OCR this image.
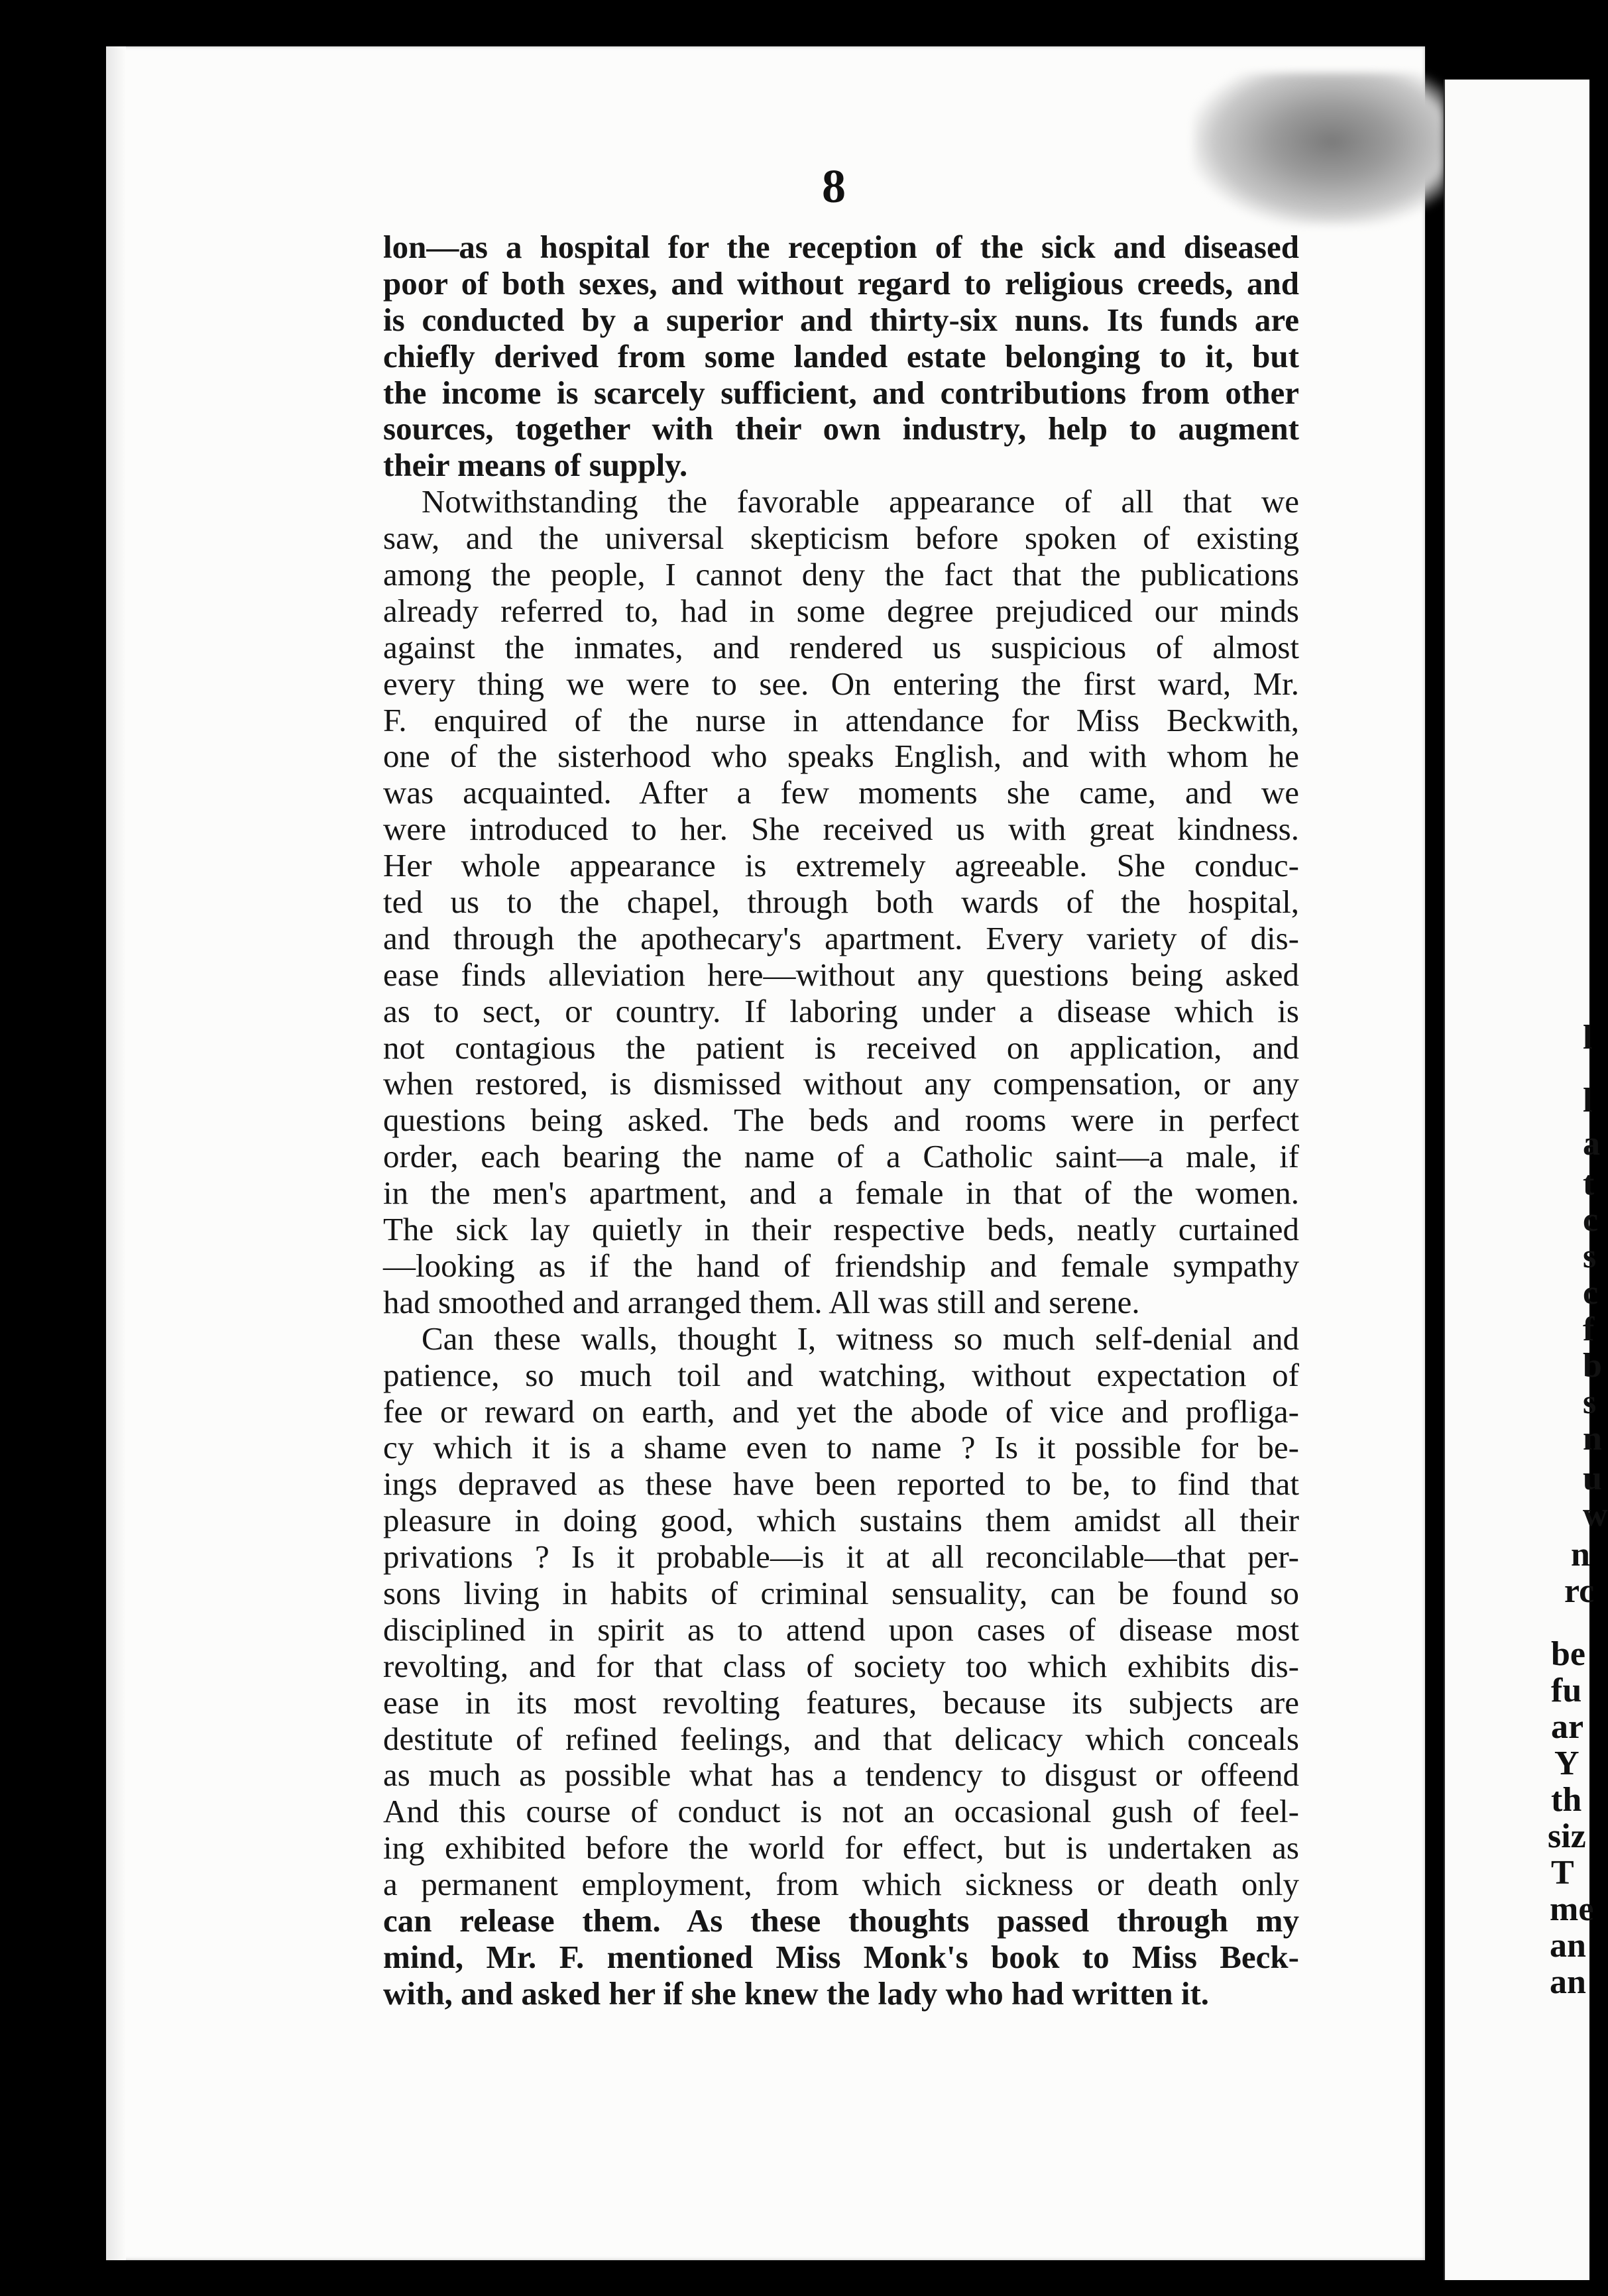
8
lon—as a hospital for the reception of the sick and diseased
poor of both sexes, and without regard to religious creeds, and
is conducted by a superior and thirty-six nuns. Its funds are
chiefly derived from some landed estate belonging to it, but
the income is scarcely sufficient, and contributions from other
sources, together with their own industry, help to augment
their means of supply.
Notwithstanding the favorable appearance of all that we
saw, and the universal skepticism before spoken of existing
among the people, I cannot deny the fact that the publications
already referred to, had in some degree prejudiced our minds
against the inmates, and rendered us suspicious of almost
every thing we were to see. On entering the first ward, Mr.
F. enquired of the nurse in attendance for Miss Beckwith,
one of the sisterhood who speaks English, and with whom he
was acquainted. After a few moments she came, and we
were introduced to her. She received us with great kindness.
Her whole appearance is extremely agreeable. She conduc-
ted us to the chapel, through both wards of the hospital,
and through the apothecary's apartment. Every variety of dis-
ease finds alleviation here—without any questions being asked
as to sect, or country. If laboring under a disease which is
not contagious the patient is received on application, and
when restored, is dismissed without any compensation, or any
questions being asked. The beds and rooms were in perfect
order, each bearing the name of a Catholic saint—a male, if
in the men's apartment, and a female in that of the women.
The sick lay quietly in their respective beds, neatly curtained
—looking as if the hand of friendship and female sympathy
had smoothed and arranged them. All was still and serene.
Can these walls, thought I, witness so much self-denial and
patience, so much toil and watching, without expectation of
fee or reward on earth, and yet the abode of vice and profliga-
cy which it is a shame even to name ? Is it possible for be-
ings depraved as these have been reported to be, to find that
pleasure in doing good, which sustains them amidst all their
privations ? Is it probable—is it at all reconcilable—that per-
sons living in habits of criminal sensuality, can be found so
disciplined in spirit as to attend upon cases of disease most
revolting, and for that class of society too which exhibits dis-
ease in its most revolting features, because its subjects are
destitute of refined feelings, and that delicacy which conceals
as much as possible what has a tendency to disgust or offeend
And this course of conduct is not an occasional gush of feel-
ing exhibited before the world for effect, but is undertaken as
a permanent employment, from which sickness or death only
can release them. As these thoughts passed through my
mind, Mr. F. mentioned Miss Monk's book to Miss Beck-
with, and asked her if she knew the lady who had written it.
l
l
a
t
c
s
c
f
b
s
n
u
w
n
rc
be
fu
ar
Y
th
siz
T
me
an
an
